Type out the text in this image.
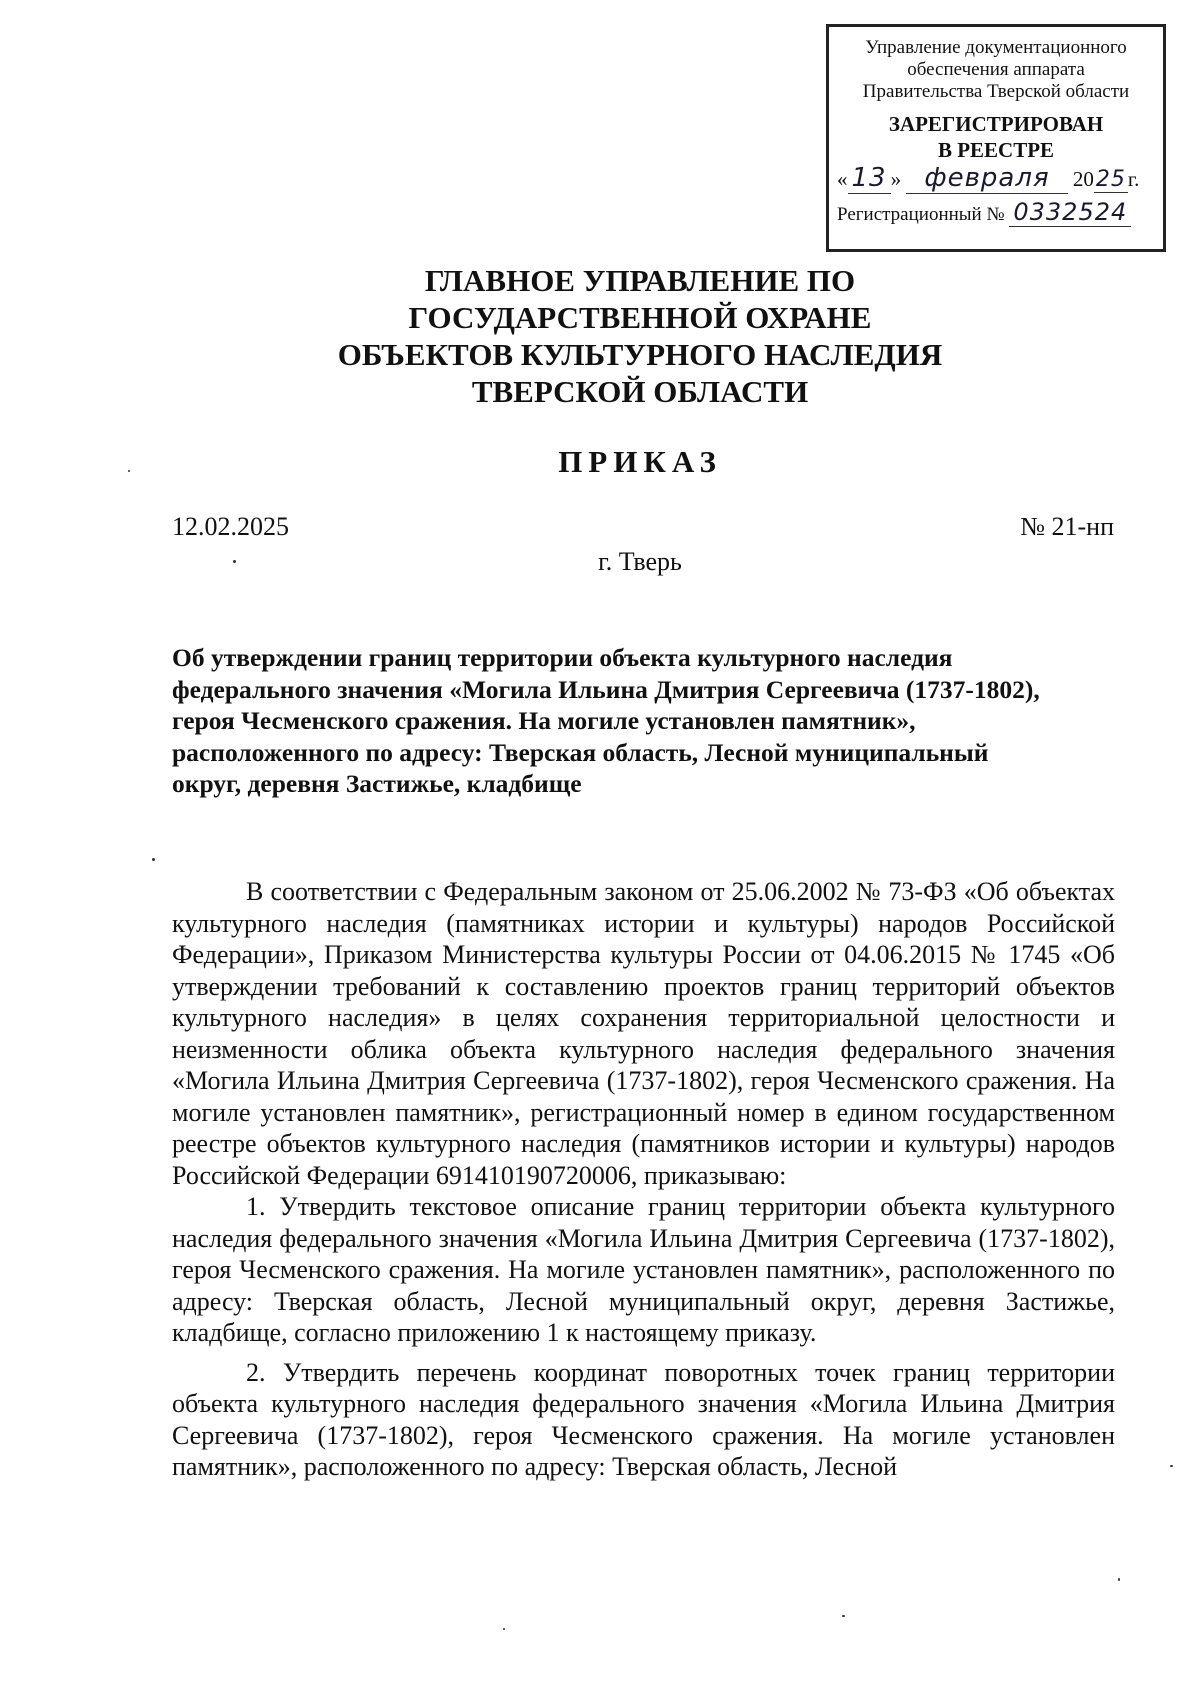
Управление документационного
обеспечения аппарата
Правительства Тверской области
ЗАРЕГИСТРИРОВАН
В РЕЕСТРЕ
« 13 » февраля 2025г.
Регистрационный № 0332524
ГЛАВНОЕ УПРАВЛЕНИЕ ПО
ГОСУДАРСТВЕННОЙ ОХРАНЕ
ОБЪЕКТОВ КУЛЬТУРНОГО НАСЛЕДИЯ
ТВЕРСКОЙ ОБЛАСТИ
ПРИКАЗ
12.02.2025	№ 21-нп
г. Тверь
Об утверждении границ территории объекта культурного наследия федерального значения «Могила Ильина Дмитрия Сергеевича (1737-1802), героя Чесменского сражения. На могиле установлен памятник», расположенного по адресу: Тверская область, Лесной муниципальный округ, деревня Застижье, кладбище

В соответствии с Федеральным законом от 25.06.2002 № 73-ФЗ «Об объектах культурного наследия (памятниках истории и культуры) народов Российской Федерации», Приказом Министерства культуры России от 04.06.2015 № 1745 «Об утверждении требований к составлению проектов границ территорий объектов культурного наследия» в целях сохранения территориальной целостности и неизменности облика объекта культурного наследия федерального значения «Могила Ильина Дмитрия Сергеевича (1737-1802), героя Чесменского сражения. На могиле установлен памятник», регистрационный номер в едином государственном реестре объектов культурного наследия (памятников истории и культуры) народов Российской Федерации 691410190720006, приказываю:

1. Утвердить текстовое описание границ территории объекта культурного наследия федерального значения «Могила Ильина Дмитрия Сергеевича (1737-1802), героя Чесменского сражения. На могиле установлен памятник», расположенного по адресу: Тверская область, Лесной муниципальный округ, деревня Застижье, кладбище, согласно приложению 1 к настоящему приказу.

2. Утвердить перечень координат поворотных точек границ территории объекта культурного наследия федерального значения «Могила Ильина Дмитрия Сергеевича (1737-1802), героя Чесменского сражения. На могиле установлен памятник», расположенного по адресу: Тверская область, Лесной
